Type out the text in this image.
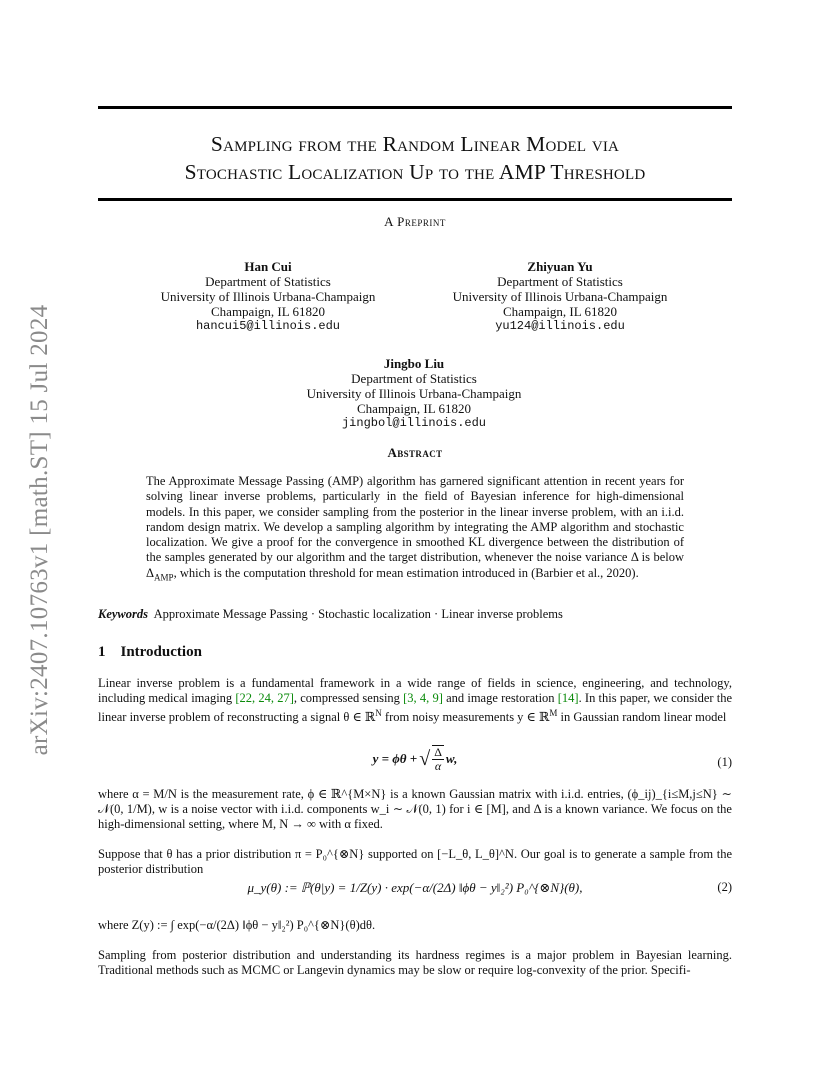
arXiv:2407.10763v1 [math.ST] 15 Jul 2024
Sampling from the Random Linear Model via
Stochastic Localization Up to the AMP Threshold
A Preprint
Han Cui
Department of Statistics
University of Illinois Urbana-Champaign
Champaign, IL 61820
hancui5@illinois.edu
Zhiyuan Yu
Department of Statistics
University of Illinois Urbana-Champaign
Champaign, IL 61820
yu124@illinois.edu
Jingbo Liu
Department of Statistics
University of Illinois Urbana-Champaign
Champaign, IL 61820
jingbol@illinois.edu
Abstract
The Approximate Message Passing (AMP) algorithm has garnered significant attention in recent years for solving linear inverse problems, particularly in the field of Bayesian inference for high-dimensional models. In this paper, we consider sampling from the posterior in the linear inverse problem, with an i.i.d. random design matrix. We develop a sampling algorithm by integrating the AMP algorithm and stochastic localization. We give a proof for the convergence in smoothed KL divergence between the distribution of the samples generated by our algorithm and the target distribution, whenever the noise variance Δ is below $\Delta_{AMP}$, which is the computation threshold for mean estimation introduced in (Barbier et al., 2020).
Keywords Approximate Message Passing · Stochastic localization · Linear inverse problems
1 Introduction
Linear inverse problem is a fundamental framework in a wide range of fields in science, engineering, and technology, including medical imaging [22, 24, 27], compressed sensing [3, 4, 9] and image restoration [14]. In this paper, we consider the linear inverse problem of reconstructing a signal θ ∈ ℝ$^N$ from noisy measurements y ∈ ℝ$^M$ in Gaussian random linear model
y = ϕθ + √ $\frac{\Delta}{\alpha} w$,	(1)
where α = M/N is the measurement rate, ϕ ∈ ℝ^{M×N} is a known Gaussian matrix with i.i.d. entries, (ϕ_ij)_{i≤M,j≤N} ∼ 𝒩(0, 1/M), w is a noise vector with i.i.d. components w_i ∼ 𝒩(0, 1) for i ∈ [M], and Δ is a known variance. We focus on the high-dimensional setting, where M, N → ∞ with α fixed.
Suppose that θ has a prior distribution π = P₀^{⊗N} supported on [−L_θ, L_θ]^N. Our goal is to generate a sample from the posterior distribution
μ_y(θ) := ℙ(θ|y) = 1/Z(y) · exp(−α/(2Δ) ‖ϕθ − y‖₂²) P₀^{⊗N}(θ),	(2)
where Z(y) := ∫ exp(−α/(2Δ) ‖ϕθ − y‖₂²) P₀^{⊗N}(θ)dθ.
Sampling from posterior distribution and understanding its hardness regimes is a major problem in Bayesian learning. Traditional methods such as MCMC or Langevin dynamics may be slow or require log-convexity of the prior. Specifi-
